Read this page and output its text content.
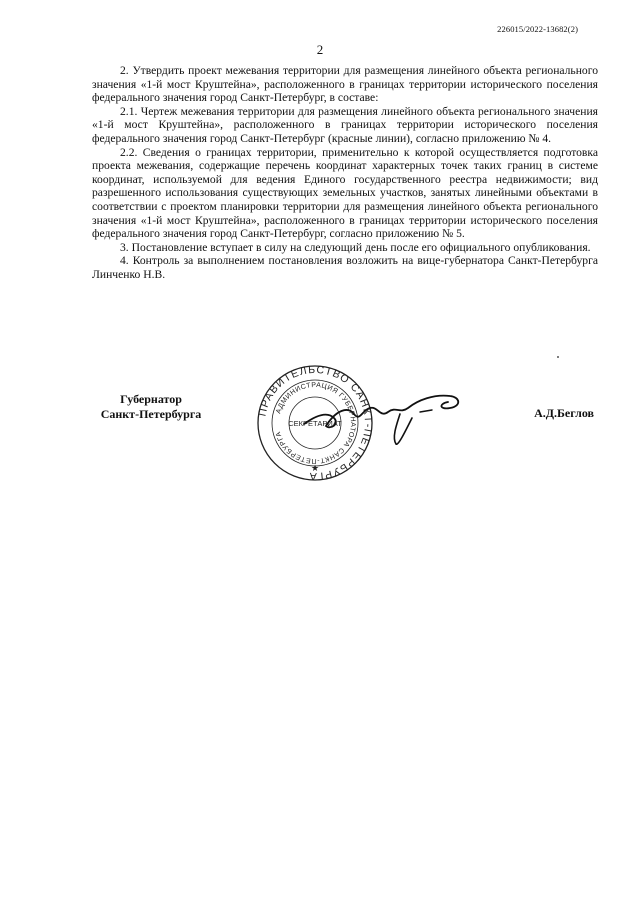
226015/2022-13682(2)
2

2. Утвердить проект межевания территории для размещения линейного объекта регионального значения «1-й мост Круштейна», расположенного в границах территории исторического поселения федерального значения город Санкт-Петербург, в составе:

2.1. Чертеж межевания территории для размещения линейного объекта регионального значения «1-й мост Круштейна», расположенного в границах территории исторического поселения федерального значения город Санкт-Петербург (красные линии), согласно приложению № 4.

2.2. Сведения о границах территории, применительно к которой осуществляется подготовка проекта межевания, содержащие перечень координат характерных точек таких границ в системе координат, используемой для ведения Единого государственного реестра недвижимости; вид разрешенного использования существующих земельных участков, занятых линейными объектами в соответствии с проектом планировки территории для размещения линейного объекта регионального значения «1-й мост Круштейна», расположенного в границах территории исторического поселения федерального значения город Санкт-Петербург, согласно приложению № 5.

3. Постановление вступает в силу на следующий день после его официального опубликования.

4. Контроль за выполнением постановления возложить на вице-губернатора Санкт-Петербурга Линченко Н.В.

Губернатор
Санкт-Петербурга	ПРАВИТЕЛЬСТВО САНКТ-ПЕТЕРБУРГА
АДМИНИСТРАЦИЯ ГУБЕРНАТОРА САНКТ-ПЕТЕРБУРГА
СЕКРЕТАРИАТ
★
А.Д.Беглов
